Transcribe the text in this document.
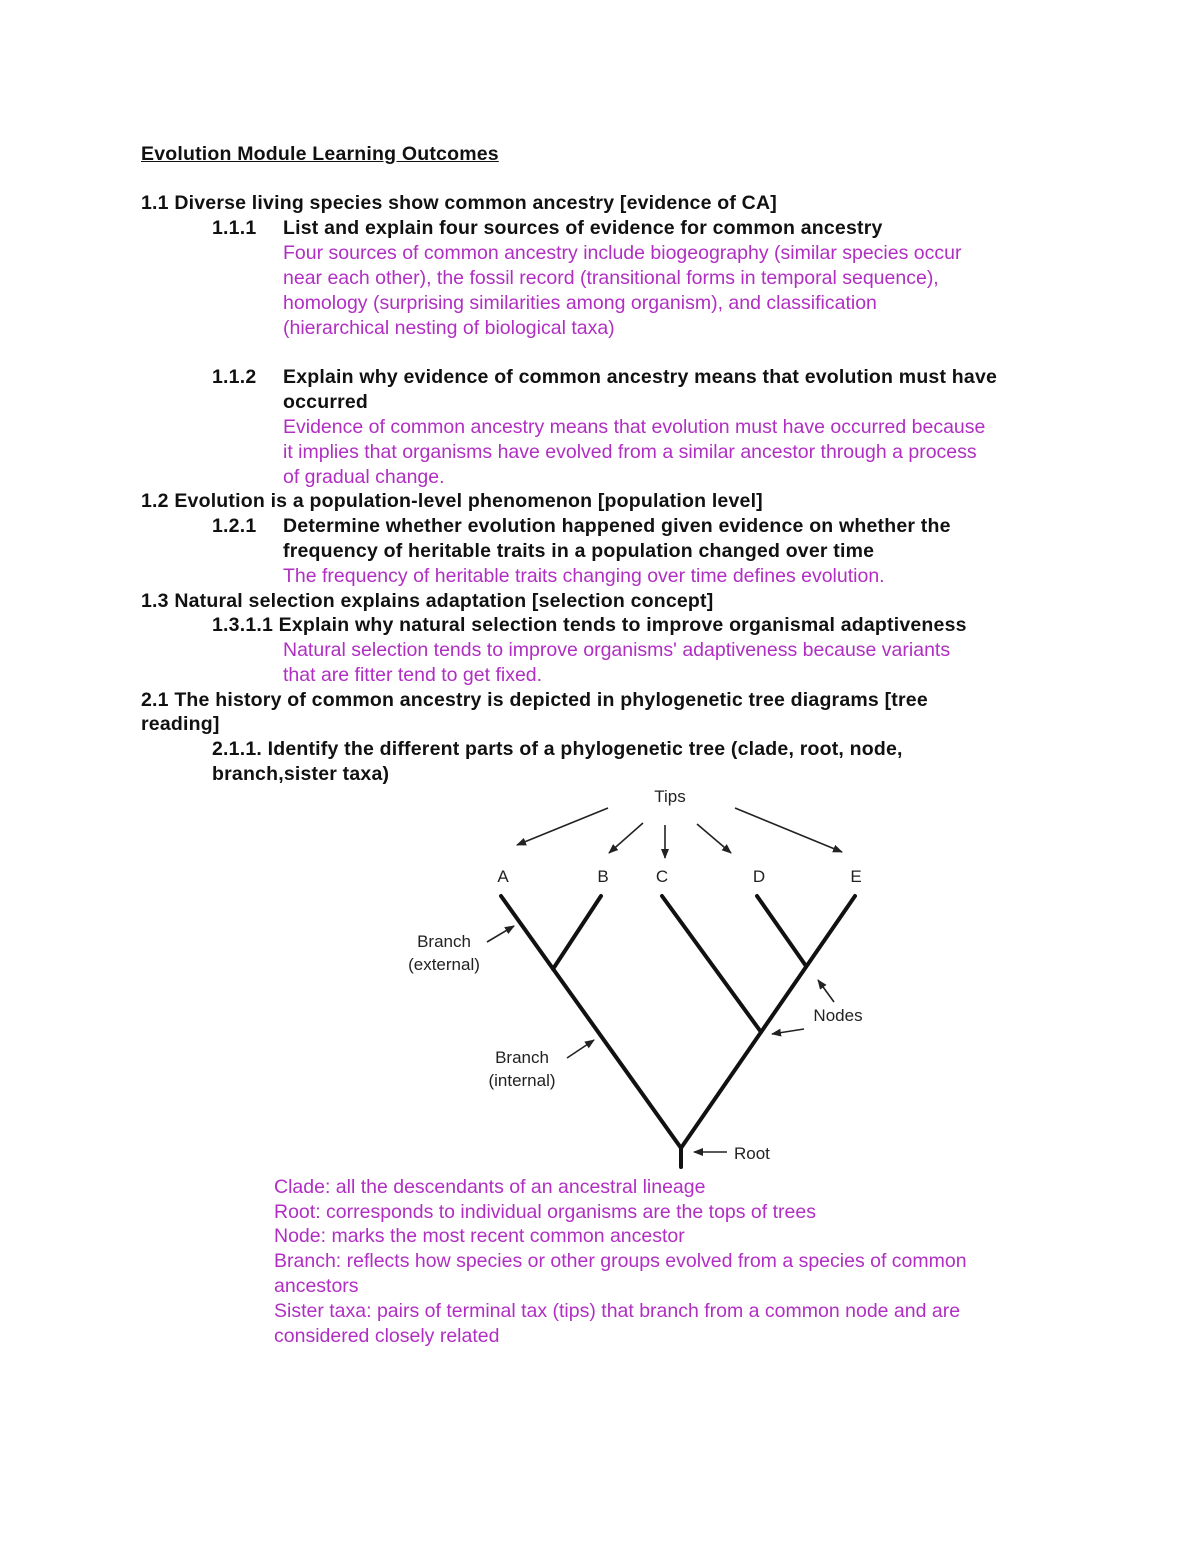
Evolution Module Learning Outcomes
1.1 Diverse living species show common ancestry [evidence of CA]
1.1.1 List and explain four sources of evidence for common ancestry
Four sources of common ancestry include biogeography (similar species occur
near each other), the fossil record (transitional forms in temporal sequence),
homology (surprising similarities among organism), and classification
(hierarchical nesting of biological taxa)
1.1.2 Explain why evidence of common ancestry means that evolution must have
occurred
Evidence of common ancestry means that evolution must have occurred because
it implies that organisms have evolved from a similar ancestor through a process
of gradual change.
1.2 Evolution is a population-level phenomenon [population level]
1.2.1 Determine whether evolution happened given evidence on whether the
frequency of heritable traits in a population changed over time
The frequency of heritable traits changing over time defines evolution.
1.3 Natural selection explains adaptation [selection concept]
1.3.1.1 Explain why natural selection tends to improve organismal adaptiveness
Natural selection tends to improve organisms' adaptiveness because variants
that are fitter tend to get fixed.
2.1 The history of common ancestry is depicted in phylogenetic tree diagrams [tree
reading]
2.1.1. Identify the different parts of a phylogenetic tree (clade, root, node,
branch,sister taxa)
Tips
A	B	C	D	E
Branch
(external)
Branch
(internal)
Nodes
Root
Clade: all the descendants of an ancestral lineage
Root: corresponds to individual organisms are the tops of trees
Node: marks the most recent common ancestor
Branch: reflects how species or other groups evolved from a species of common
ancestors
Sister taxa: pairs of terminal tax (tips) that branch from a common node and are
considered closely related
